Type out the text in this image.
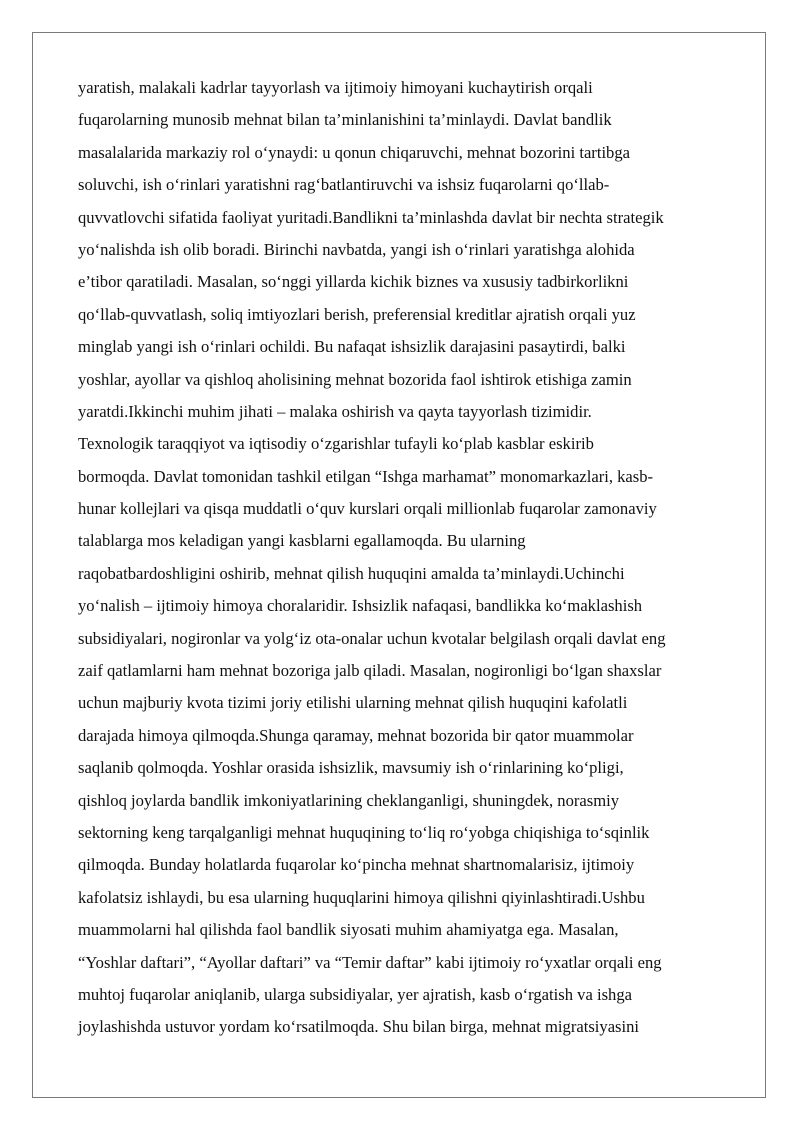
yaratish, malakali kadrlar tayyorlash va ijtimoiy himoyani kuchaytirish orqali
fuqarolarning munosib mehnat bilan ta’minlanishini ta’minlaydi. Davlat bandlik
masalalarida markaziy rol o‘ynaydi: u qonun chiqaruvchi, mehnat bozorini tartibga
soluvchi, ish o‘rinlari yaratishni rag‘batlantiruvchi va ishsiz fuqarolarni qo‘llab-
quvvatlovchi sifatida faoliyat yuritadi.Bandlikni ta’minlashda davlat bir nechta strategik
yo‘nalishda ish olib boradi. Birinchi navbatda, yangi ish o‘rinlari yaratishga alohida
e’tibor qaratiladi. Masalan, so‘nggi yillarda kichik biznes va xususiy tadbirkorlikni
qo‘llab-quvvatlash, soliq imtiyozlari berish, preferensial kreditlar ajratish orqali yuz
minglab yangi ish o‘rinlari ochildi. Bu nafaqat ishsizlik darajasini pasaytirdi, balki
yoshlar, ayollar va qishloq aholisining mehnat bozorida faol ishtirok etishiga zamin
yaratdi.Ikkinchi muhim jihati – malaka oshirish va qayta tayyorlash tizimidir.
Texnologik taraqqiyot va iqtisodiy o‘zgarishlar tufayli ko‘plab kasblar eskirib
bormoqda. Davlat tomonidan tashkil etilgan “Ishga marhamat” monomarkazlari, kasb-
hunar kollejlari va qisqa muddatli o‘quv kurslari orqali millionlab fuqarolar zamonaviy
talablarga mos keladigan yangi kasblarni egallamoqda. Bu ularning
raqobatbardoshligini oshirib, mehnat qilish huquqini amalda ta’minlaydi.Uchinchi
yo‘nalish – ijtimoiy himoya choralaridir. Ishsizlik nafaqasi, bandlikka ko‘maklashish
subsidiyalari, nogironlar va yolg‘iz ota-onalar uchun kvotalar belgilash orqali davlat eng
zaif qatlamlarni ham mehnat bozoriga jalb qiladi. Masalan, nogironligi bo‘lgan shaxslar
uchun majburiy kvota tizimi joriy etilishi ularning mehnat qilish huquqini kafolatli
darajada himoya qilmoqda.Shunga qaramay, mehnat bozorida bir qator muammolar
saqlanib qolmoqda. Yoshlar orasida ishsizlik, mavsumiy ish o‘rinlarining ko‘pligi,
qishloq joylarda bandlik imkoniyatlarining cheklanganligi, shuningdek, norasmiy
sektorning keng tarqalganligi mehnat huquqining to‘liq ro‘yobga chiqishiga to‘sqinlik
qilmoqda. Bunday holatlarda fuqarolar ko‘pincha mehnat shartnomalarisiz, ijtimoiy
kafolatsiz ishlaydi, bu esa ularning huquqlarini himoya qilishni qiyinlashtiradi.Ushbu
muammolarni hal qilishda faol bandlik siyosati muhim ahamiyatga ega. Masalan,
“Yoshlar daftari”, “Ayollar daftari” va “Temir daftar” kabi ijtimoiy ro‘yxatlar orqali eng
muhtoj fuqarolar aniqlanib, ularga subsidiyalar, yer ajratish, kasb o‘rgatish va ishga
joylashishda ustuvor yordam ko‘rsatilmoqda. Shu bilan birga, mehnat migratsiyasini
